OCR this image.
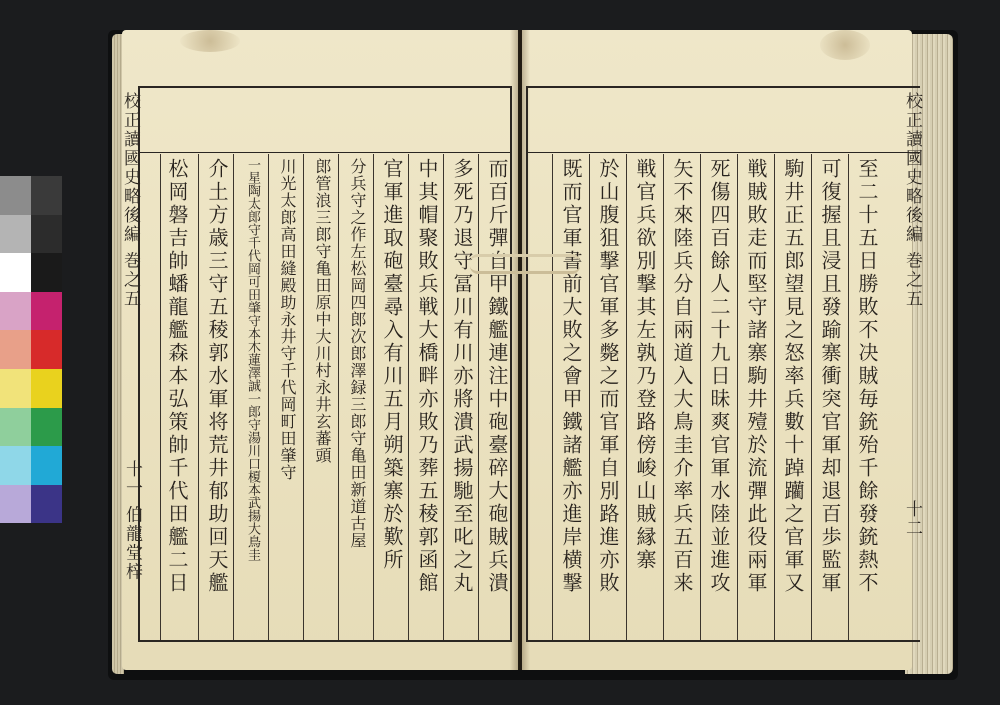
校正讀國史略後編 巻之五
十一 伯龍堂梓
校正讀國史略後編 巻之五
十二
至二十五日勝敗不决賊毎銃殆千餘發銃熱不
可復握且浸且發踰寨衝突官軍却退百歩監軍
駒井正五郎望見之怒率兵數十踔躪之官軍又
戦賊敗走而堅守諸寨駒井殪於流彈此役兩軍
死傷四百餘人二十九日昧爽官軍水陸並進攻
矢不來陸兵分自兩道入大鳥圭介率兵五百来
戦官兵欲別撃其左孰乃登路傍峻山賊縁寨
於山腹狙撃官軍多斃之而官軍自別路進亦敗
既而官軍書前大敗之會甲鐵諸艦亦進岸横撃
而百斤彈自甲鐵艦連注中砲臺碎大砲賊兵潰
多死乃退守冨川有川亦將潰武揚馳至叱之丸
中其帽聚敗兵戦大橋畔亦敗乃葬五稜郭函館
官軍進取砲臺尋入有川五月朔築寨於歎所
分兵守之作左松岡四郎次郎澤録三郎守亀田新道古屋
郎管浪三郎守亀田原中大川村永井玄蕃頭
川光太郎高田縫殿助永井守千代岡町田肇守
一星陶太郎守千代岡可田肇守本木蓮澤誠一郎守湯川口榎本武揚大鳥圭
介土方歳三守五稜郭水軍将荒井郁助回天艦
松岡磐吉帥蟠龍艦森本弘策帥千代田艦二日
